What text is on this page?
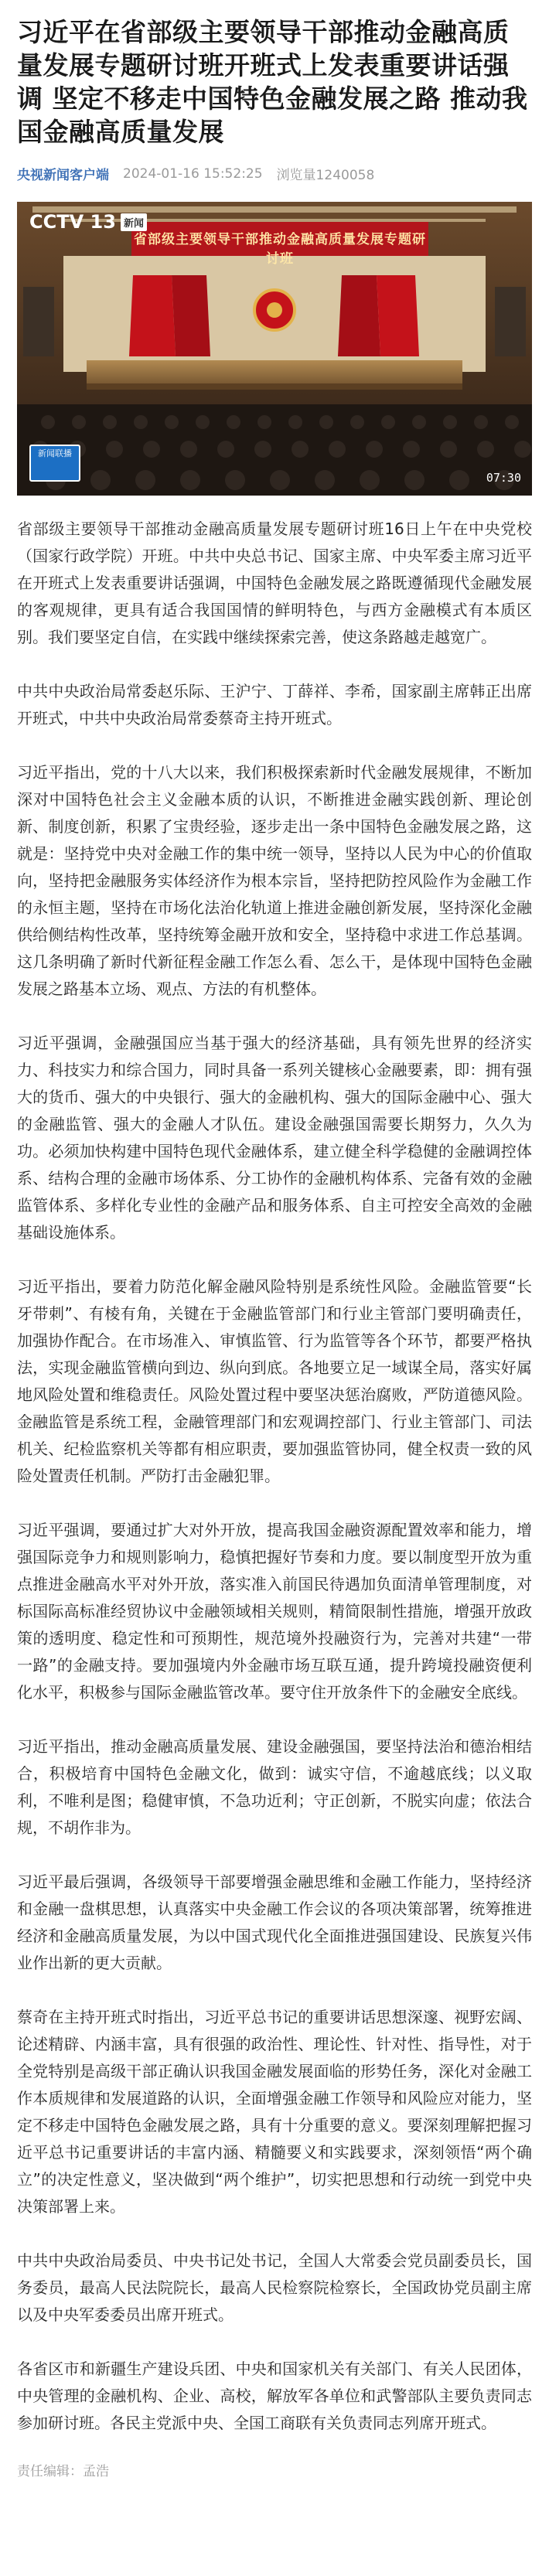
习近平在省部级主要领导干部推动金融高质量发展专题研讨班开班式上发表重要讲话强调 坚定不移走中国特色金融发展之路 推动我国金融高质量发展
央视新闻客户端 2024-01-16 15:52:25 浏览量1240058
CCTV 13 新闻
省部级主要领导干部推动金融高质量发展专题研讨班
新闻联播
07:30

省部级主要领导干部推动金融高质量发展专题研讨班16日上午在中央党校（国家行政学院）开班。中共中央总书记、国家主席、中央军委主席习近平在开班式上发表重要讲话强调，中国特色金融发展之路既遵循现代金融发展的客观规律，更具有适合我国国情的鲜明特色，与西方金融模式有本质区别。我们要坚定自信，在实践中继续探索完善，使这条路越走越宽广。

中共中央政治局常委赵乐际、王沪宁、丁薛祥、李希，国家副主席韩正出席开班式，中共中央政治局常委蔡奇主持开班式。

习近平指出，党的十八大以来，我们积极探索新时代金融发展规律，不断加深对中国特色社会主义金融本质的认识，不断推进金融实践创新、理论创新、制度创新，积累了宝贵经验，逐步走出一条中国特色金融发展之路，这就是：坚持党中央对金融工作的集中统一领导，坚持以人民为中心的价值取向，坚持把金融服务实体经济作为根本宗旨，坚持把防控风险作为金融工作的永恒主题，坚持在市场化法治化轨道上推进金融创新发展，坚持深化金融供给侧结构性改革，坚持统筹金融开放和安全，坚持稳中求进工作总基调。这几条明确了新时代新征程金融工作怎么看、怎么干，是体现中国特色金融发展之路基本立场、观点、方法的有机整体。

习近平强调，金融强国应当基于强大的经济基础，具有领先世界的经济实力、科技实力和综合国力，同时具备一系列关键核心金融要素，即：拥有强大的货币、强大的中央银行、强大的金融机构、强大的国际金融中心、强大的金融监管、强大的金融人才队伍。建设金融强国需要长期努力，久久为功。必须加快构建中国特色现代金融体系，建立健全科学稳健的金融调控体系、结构合理的金融市场体系、分工协作的金融机构体系、完备有效的金融监管体系、多样化专业性的金融产品和服务体系、自主可控安全高效的金融基础设施体系。

习近平指出，要着力防范化解金融风险特别是系统性风险。金融监管要“长牙带刺”、有棱有角，关键在于金融监管部门和行业主管部门要明确责任，加强协作配合。在市场准入、审慎监管、行为监管等各个环节，都要严格执法，实现金融监管横向到边、纵向到底。各地要立足一域谋全局，落实好属地风险处置和维稳责任。风险处置过程中要坚决惩治腐败，严防道德风险。金融监管是系统工程，金融管理部门和宏观调控部门、行业主管部门、司法机关、纪检监察机关等都有相应职责，要加强监管协同，健全权责一致的风险处置责任机制。严防打击金融犯罪。

习近平强调，要通过扩大对外开放，提高我国金融资源配置效率和能力，增强国际竞争力和规则影响力，稳慎把握好节奏和力度。要以制度型开放为重点推进金融高水平对外开放，落实准入前国民待遇加负面清单管理制度，对标国际高标准经贸协议中金融领域相关规则，精简限制性措施，增强开放政策的透明度、稳定性和可预期性，规范境外投融资行为，完善对共建“一带一路”的金融支持。要加强境内外金融市场互联互通，提升跨境投融资便利化水平，积极参与国际金融监管改革。要守住开放条件下的金融安全底线。

习近平指出，推动金融高质量发展、建设金融强国，要坚持法治和德治相结合，积极培育中国特色金融文化，做到：诚实守信，不逾越底线；以义取利，不唯利是图；稳健审慎，不急功近利；守正创新，不脱实向虚；依法合规，不胡作非为。

习近平最后强调，各级领导干部要增强金融思维和金融工作能力，坚持经济和金融一盘棋思想，认真落实中央金融工作会议的各项决策部署，统筹推进经济和金融高质量发展，为以中国式现代化全面推进强国建设、民族复兴伟业作出新的更大贡献。

蔡奇在主持开班式时指出，习近平总书记的重要讲话思想深邃、视野宏阔、论述精辟、内涵丰富，具有很强的政治性、理论性、针对性、指导性，对于全党特别是高级干部正确认识我国金融发展面临的形势任务，深化对金融工作本质规律和发展道路的认识，全面增强金融工作领导和风险应对能力，坚定不移走中国特色金融发展之路，具有十分重要的意义。要深刻理解把握习近平总书记重要讲话的丰富内涵、精髓要义和实践要求，深刻领悟“两个确立”的决定性意义，坚决做到“两个维护”，切实把思想和行动统一到党中央决策部署上来。

中共中央政治局委员、中央书记处书记，全国人大常委会党员副委员长，国务委员，最高人民法院院长，最高人民检察院检察长，全国政协党员副主席以及中央军委委员出席开班式。

各省区市和新疆生产建设兵团、中央和国家机关有关部门、有关人民团体，中央管理的金融机构、企业、高校，解放军各单位和武警部队主要负责同志参加研讨班。各民主党派中央、全国工商联有关负责同志列席开班式。

责任编辑：孟浩
